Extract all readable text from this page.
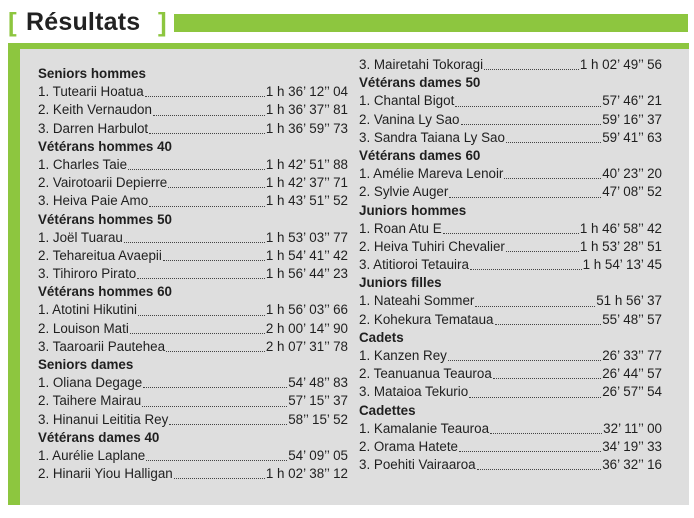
[ Résultats ]
Seniors hommes
1. Tutearii Hoatua	1 h 36’ 12’’ 04
2. Keith Vernaudon	1 h 36’ 37’’ 81
3. Darren Harbulot	1 h 36’ 59’’ 73
Vétérans hommes 40
1. Charles Taie	1 h 42’ 51’’ 88
2. Vairotoarii Depierre	1 h 42’ 37’’ 71
3. Heiva Paie Amo	1 h 43’ 51’’ 52
Vétérans hommes 50
1. Joël Tuarau	1 h 53’ 03’’ 77
2. Tehareitua Avaepii	1 h 54’ 41’’ 42
3. Tihiroro Pirato	1 h 56’ 44’’ 23
Vétérans hommes 60
1. Atotini Hikutini	1 h 56’ 03’’ 66
2. Louison Mati	2 h 00’ 14’’ 90
3. Taaroarii Pautehea	2 h 07’ 31’’ 78
Seniors dames
1. Oliana Degage	54’ 48’’ 83
2. Taihere Mairau	57’ 15’’ 37
3. Hinanui Leititia Rey	58’’ 15’ 52
Vétérans dames 40
1. Aurélie Laplane	54’ 09’’ 05
2. Hinarii Yiou Halligan	1 h 02’ 38’’ 12
3. Mairetahi Tokoragi	1 h 02’ 49’’ 56
Vétérans dames 50
1. Chantal Bigot	57’ 46’’ 21
2. Vanina Ly Sao	59’ 16’’ 37
3. Sandra Taiana Ly Sao	59’ 41’’ 63
Vétérans dames 60
1. Amélie Mareva Lenoir	40’ 23’’ 20
2. Sylvie Auger	47’ 08’’ 52
Juniors hommes
1. Roan Atu E	1 h 46’ 58’’ 42
2. Heiva Tuhiri Chevalier	1 h 53’ 28’’ 51
3. Atitioroi Tetauira	1 h 54’ 13’ 45
Juniors filles
1. Nateahi Sommer	51 h 56’ 37
2. Kohekura Temataua	55’ 48’’ 57
Cadets
1. Kanzen Rey	26’ 33’’ 77
2. Teanuanua Teauroa	26’ 44’’ 57
3. Mataioa Tekurio	26’ 57’’ 54
Cadettes
1. Kamalanie Teauroa	32’ 11’’ 00
2. Orama Hatete	34’ 19’’ 33
3. Poehiti Vairaaroa	36’ 32’’ 16
